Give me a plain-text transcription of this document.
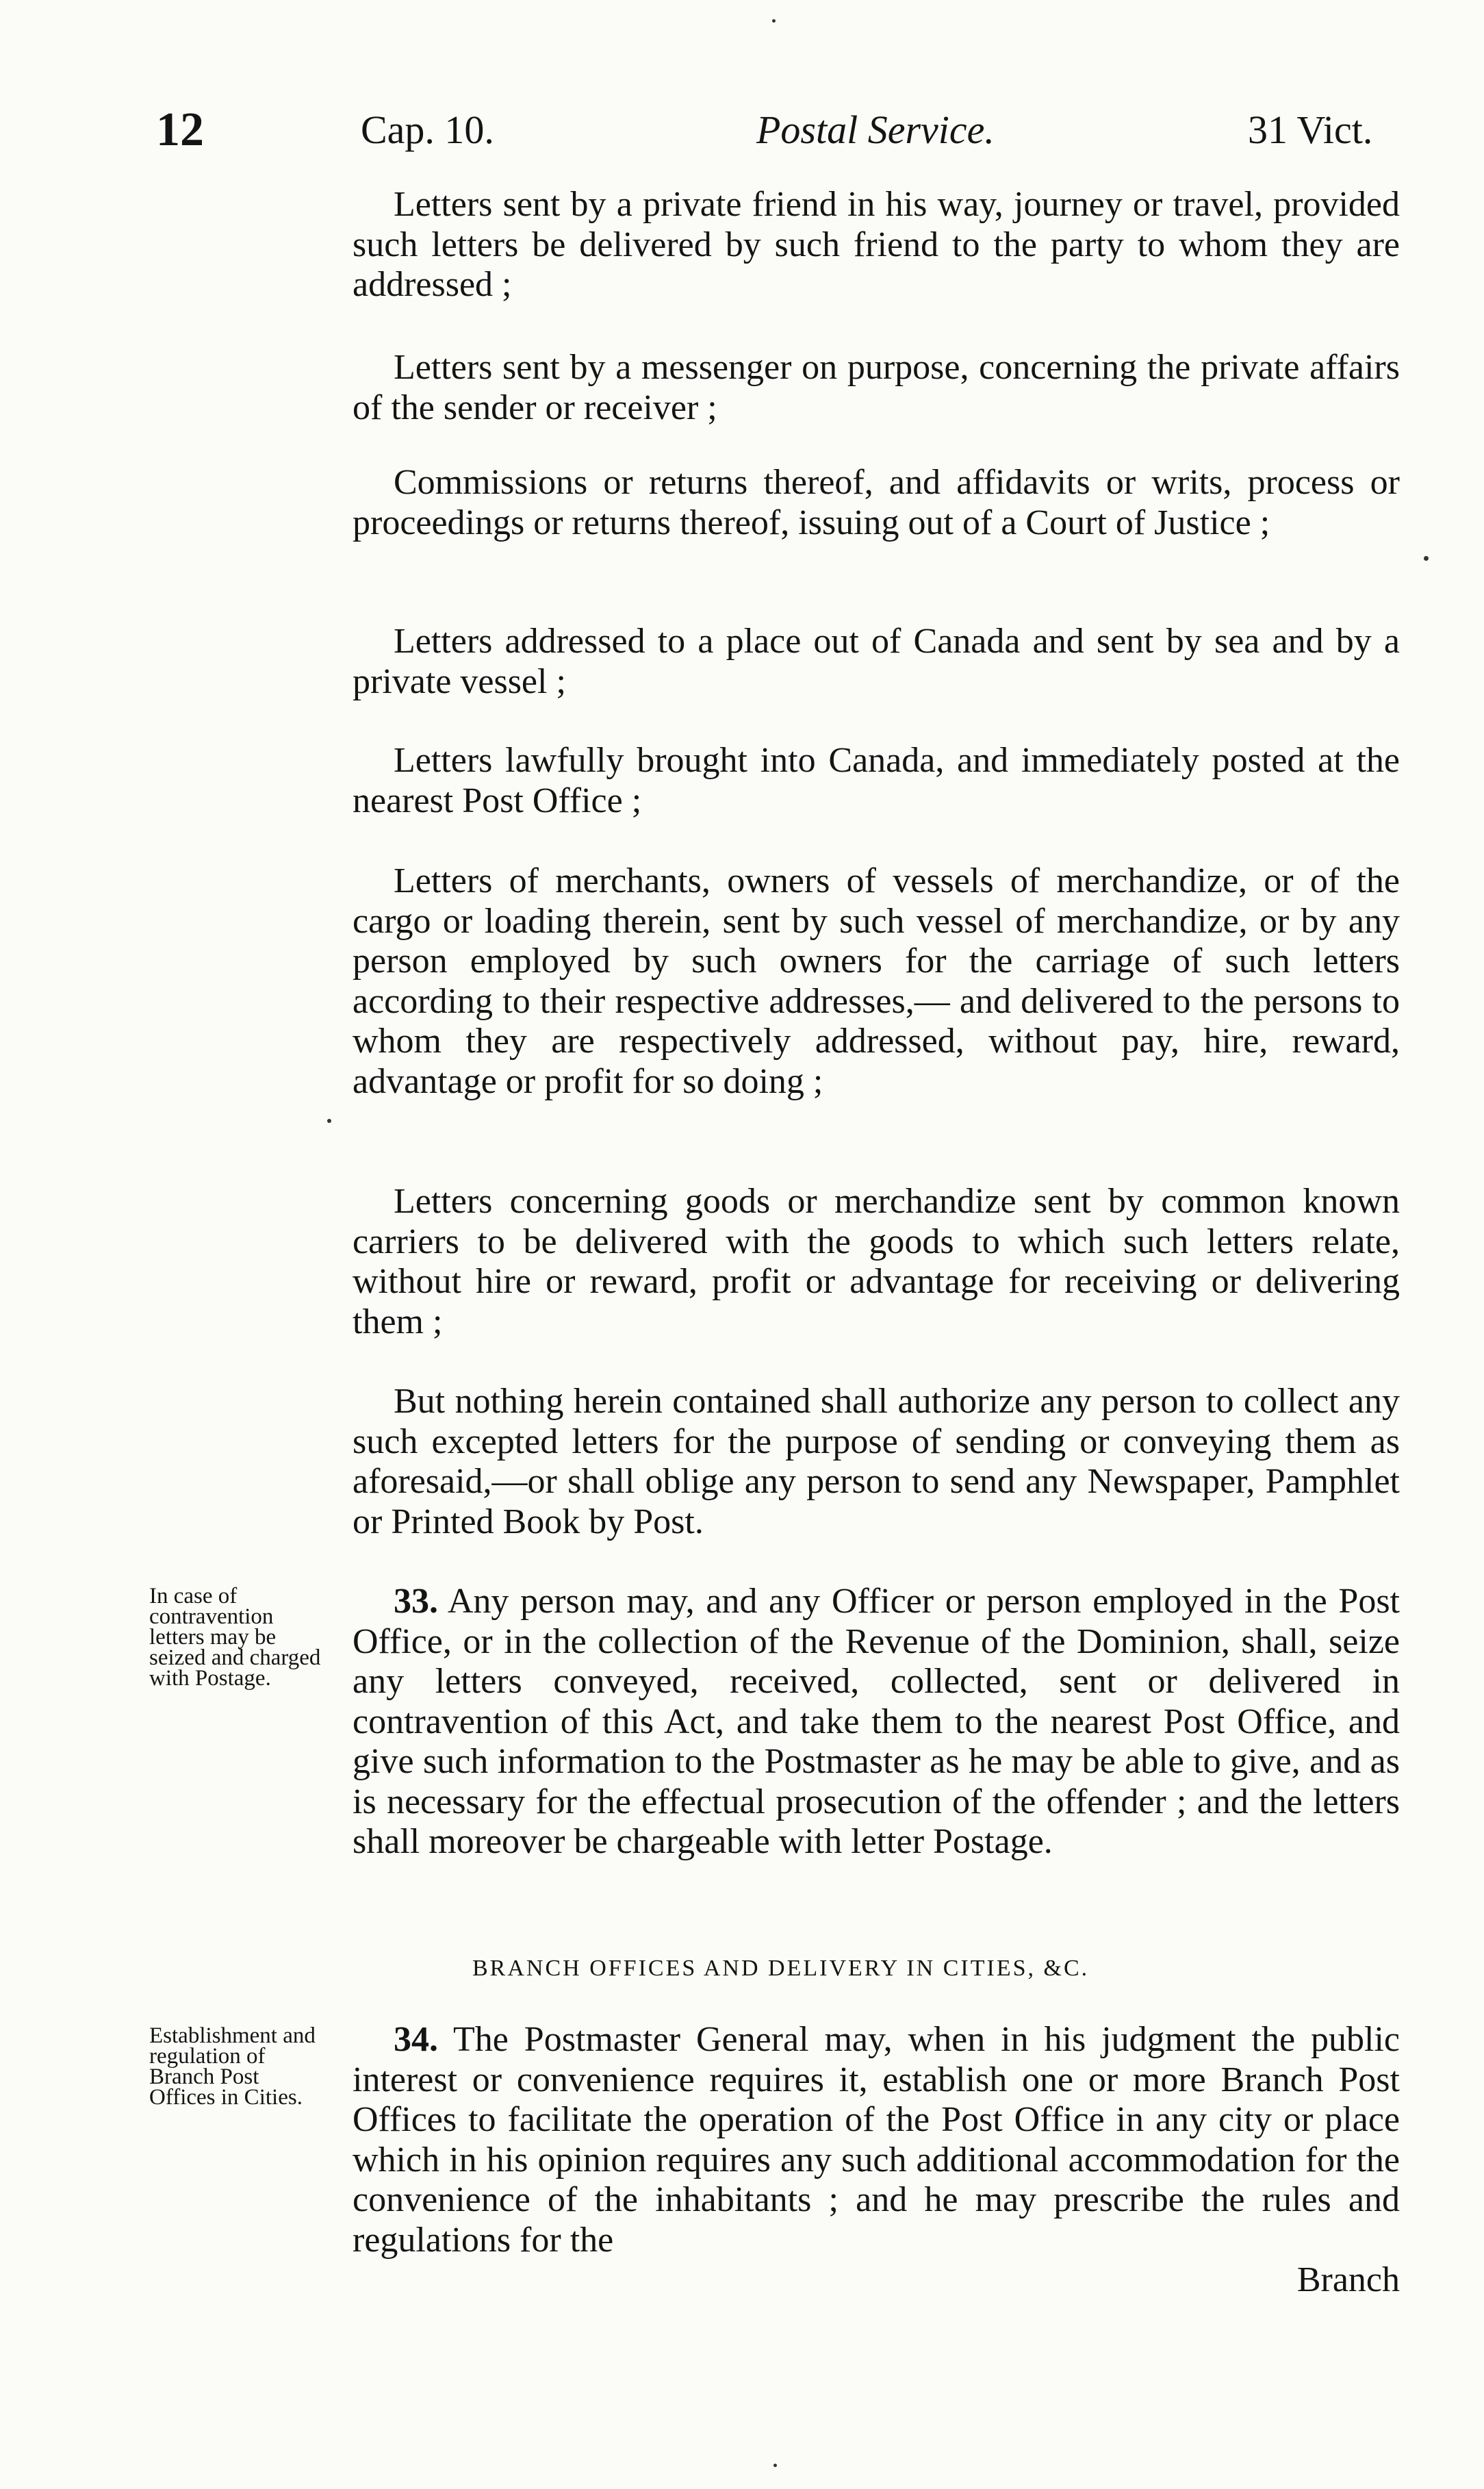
12	Cap. 10.	Postal Service.	31 Vict.

Letters sent by a private friend in his way, journey or travel, provided such letters be delivered by such friend to the party to whom they are addressed ;

Letters sent by a messenger on purpose, concerning the private affairs of the sender or receiver ;

Commissions or returns thereof, and affidavits or writs, process or proceedings or returns thereof, issuing out of a Court of Justice ;

Letters addressed to a place out of Canada and sent by sea and by a private vessel ;

Letters lawfully brought into Canada, and immediately posted at the nearest Post Office ;

Letters of merchants, owners of vessels of merchandize, or of the cargo or loading therein, sent by such vessel of merchandize, or by any person employed by such owners for the carriage of such letters according to their respective addresses,— and delivered to the persons to whom they are respectively addressed, without pay, hire, reward, advantage or profit for so doing ;

Letters concerning goods or merchandize sent by common known carriers to be delivered with the goods to which such letters relate, without hire or reward, profit or advantage for receiving or delivering them ;

But nothing herein contained shall authorize any person to collect any such excepted letters for the purpose of sending or conveying them as aforesaid,—or shall oblige any person to send any Newspaper, Pamphlet or Printed Book by Post.

In case of contravention letters may be seized and charged with Postage.

33. Any person may, and any Officer or person employed in the Post Office, or in the collection of the Revenue of the Dominion, shall, seize any letters conveyed, received, collected, sent or delivered in contravention of this Act, and take them to the nearest Post Office, and give such information to the Postmaster as he may be able to give, and as is necessary for the effectual prosecution of the offender ; and the letters shall moreover be chargeable with letter Postage.

BRANCH OFFICES AND DELIVERY IN CITIES, &C.
Establishment and regulation of Branch Post Offices in Cities.

34. The Postmaster General may, when in his judgment the public interest or convenience requires it, establish one or more Branch Post Offices to facilitate the operation of the Post Office in any city or place which in his opinion requires any such additional accommodation for the convenience of the inhabitants ; and he may prescribe the rules and regulations for the

Branch
